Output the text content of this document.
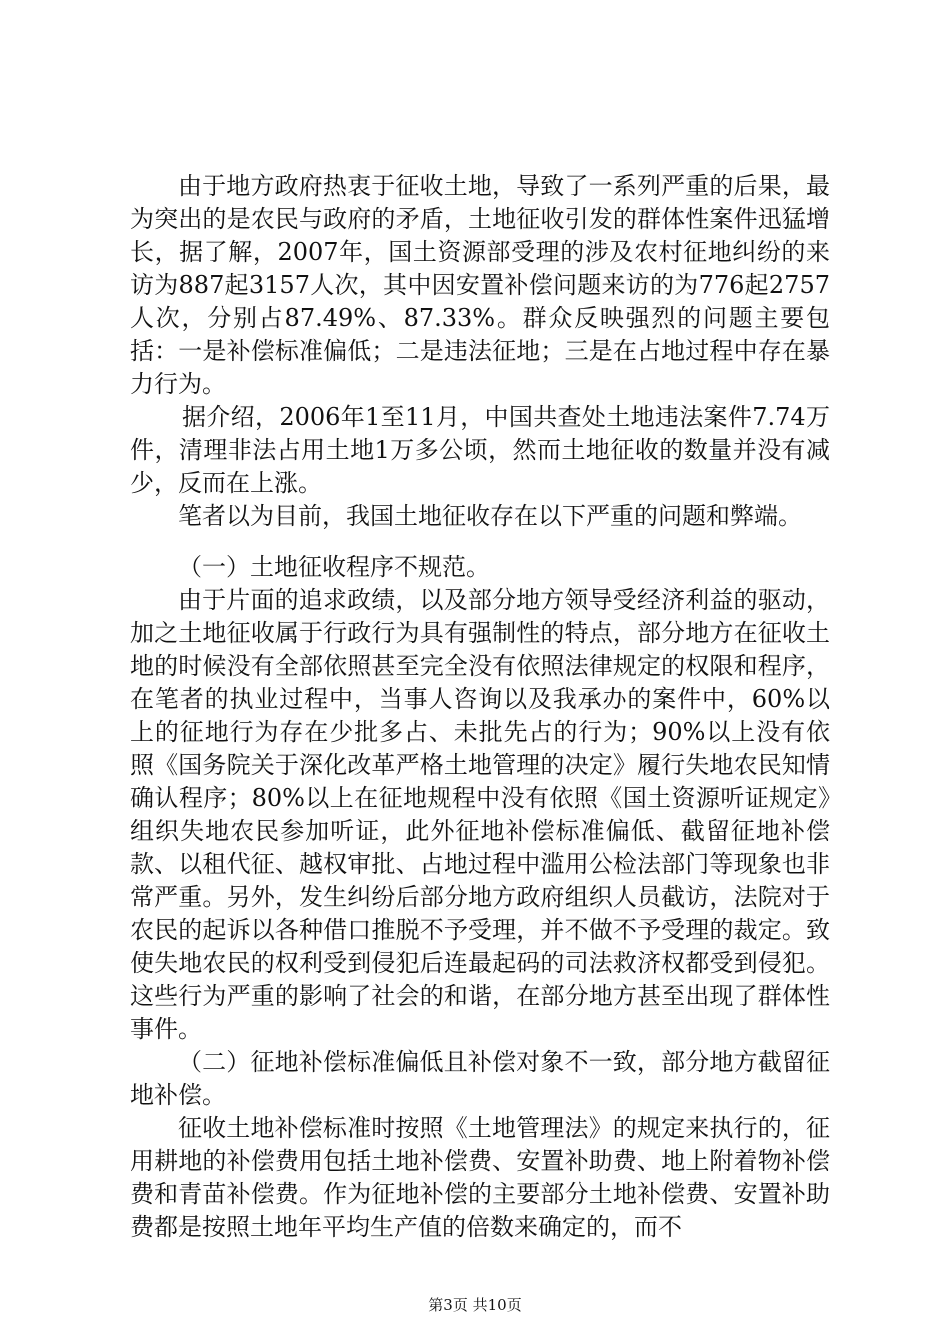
由于地方政府热衷于征收土地，导致了一系列严重的后果，最为突出的是农民与政府的矛盾，土地征收引发的群体性案件迅猛增长，据了解，2007年，国土资源部受理的涉及农村征地纠纷的来访为887起3157人次，其中因安置补偿问题来访的为776起2757人次，分别占87.49%、87.33%。群众反映强烈的问题主要包括：一是补偿标准偏低；二是违法征地；三是在占地过程中存在暴力行为。

据介绍，2006年1至11月，中国共查处土地违法案件7.74万件，清理非法占用土地1万多公顷，然而土地征收的数量并没有减少，反而在上涨。

笔者以为目前，我国土地征收存在以下严重的问题和弊端。

（一）土地征收程序不规范。

由于片面的追求政绩，以及部分地方领导受经济利益的驱动，加之土地征收属于行政行为具有强制性的特点，部分地方在征收土地的时候没有全部依照甚至完全没有依照法律规定的权限和程序，在笔者的执业过程中，当事人咨询以及我承办的案件中，60%以上的征地行为存在少批多占、未批先占的行为；90%以上没有依照《国务院关于深化改革严格土地管理的决定》履行失地农民知情确认程序；80%以上在征地规程中没有依照《国土资源听证规定》组织失地农民参加听证，此外征地补偿标准偏低、截留征地补偿款、以租代征、越权审批、占地过程中滥用公检法部门等现象也非常严重。另外，发生纠纷后部分地方政府组织人员截访，法院对于农民的起诉以各种借口推脱不予受理，并不做不予受理的裁定。致使失地农民的权利受到侵犯后连最起码的司法救济权都受到侵犯。这些行为严重的影响了社会的和谐，在部分地方甚至出现了群体性事件。

（二）征地补偿标准偏低且补偿对象不一致，部分地方截留征地补偿。

征收土地补偿标准时按照《土地管理法》的规定来执行的，征用耕地的补偿费用包括土地补偿费、安置补助费、地上附着物补偿费和青苗补偿费。作为征地补偿的主要部分土地补偿费、安置补助费都是按照土地年平均生产值的倍数来确定的，而不

第3页 共10页
